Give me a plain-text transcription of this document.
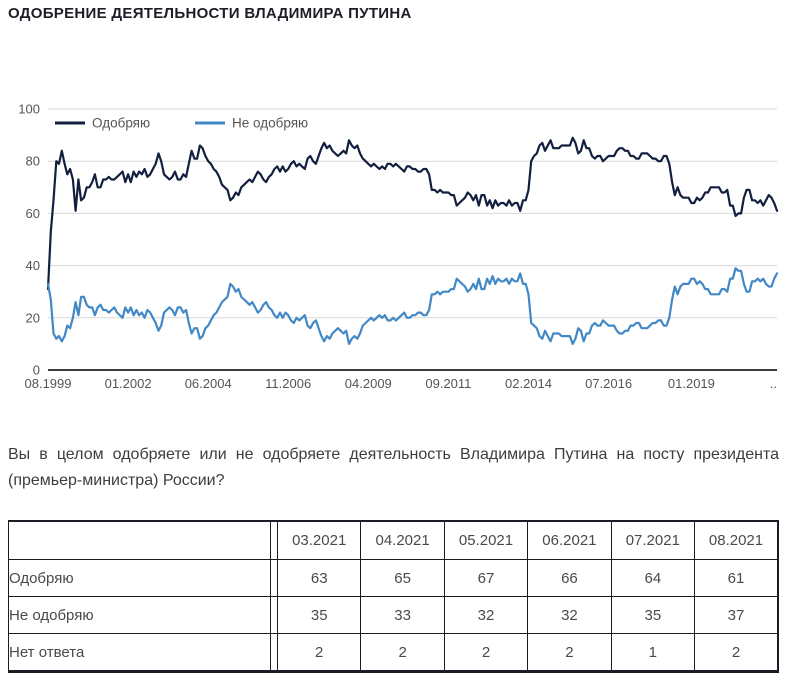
ОДОБРЕНИЕ ДЕЯТЕЛЬНОСТИ ВЛАДИМИРА ПУТИНА
0
20
40
60
80
100
08.1999	01.2002	06.2004	11.2006	04.2009	09.2011	02.2014	07.2016	01.2019	..
Одобряю	Не одобряю

Вы в целом одобряете или не одобряете деятельность Владимира Путина на посту президента (премьер-министра) России?

		03.2021	04.2021	05.2021	06.2021	07.2021	08.2021
Одобряю		63	65	67	66	64	61
Не одобряю		35	33	32	32	35	37
Нет ответа		2	2	2	2	1	2
